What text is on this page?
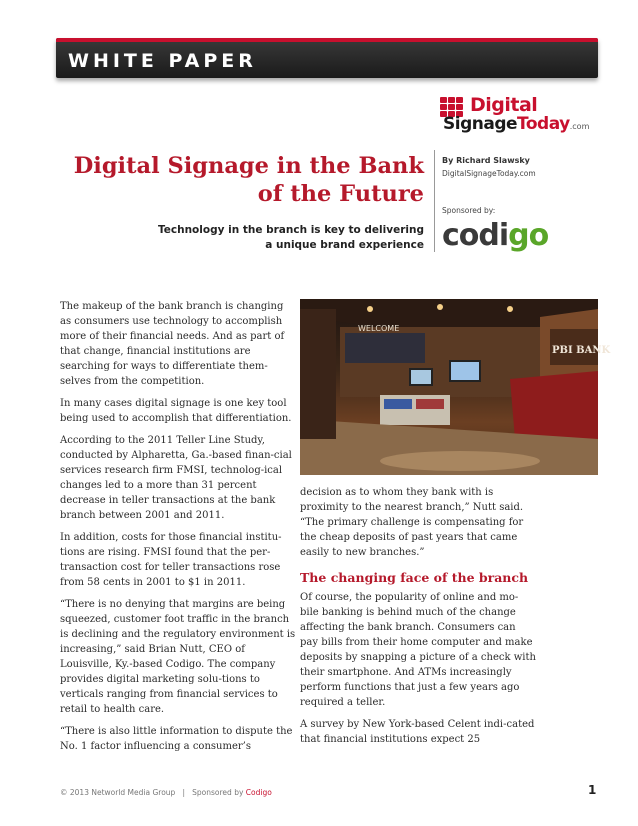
WHITE PAPER
Digital
SignageToday.com
Digital Signage in the Bank
of the Future
Technology in the branch is key to delivering
a unique brand experience
By Richard Slawsky
DigitalSignageToday.com
Sponsored by:
codigo

The makeup of the bank branch is changing as consumers use technology to accomplish more of their financial needs. And as part of that change, financial institutions are searching for ways to differentiate them-selves from the competition.

In many cases digital signage is one key tool being used to accomplish that differentiation.

According to the 2011 Teller Line Study, conducted by Alpharetta, Ga.-based finan-cial services research firm FMSI, technolog-ical changes led to a more than 31 percent decrease in teller transactions at the bank branch between 2001 and 2011.

In addition, costs for those financial institu-tions are rising. FMSI found that the per-transaction cost for teller transactions rose from 58 cents in 2001 to $1 in 2011.

“There is no denying that margins are being squeezed, customer foot traffic in the branch is declining and the regulatory environment is increasing,” said Brian Nutt, CEO of Louisville, Ky.-based Codigo. The company provides digital marketing solu-tions to verticals ranging from financial services to retail to health care.

“There is also little information to dispute the No. 1 factor influencing a consumer’s

WELCOME
PBI BANK

decision as to whom they bank with is proximity to the nearest branch,” Nutt said. “The primary challenge is compensating for the cheap deposits of past years that came easily to new branches.”

The changing face of the branch

Of course, the popularity of online and mo-bile banking is behind much of the change affecting the bank branch. Consumers can pay bills from their home computer and make deposits by snapping a picture of a check with their smartphone. And ATMs increasingly perform functions that just a few years ago required a teller.

A survey by New York-based Celent indi-cated that financial institutions expect 25

© 2013 Networld Media Group | Sponsored by Codigo	1
